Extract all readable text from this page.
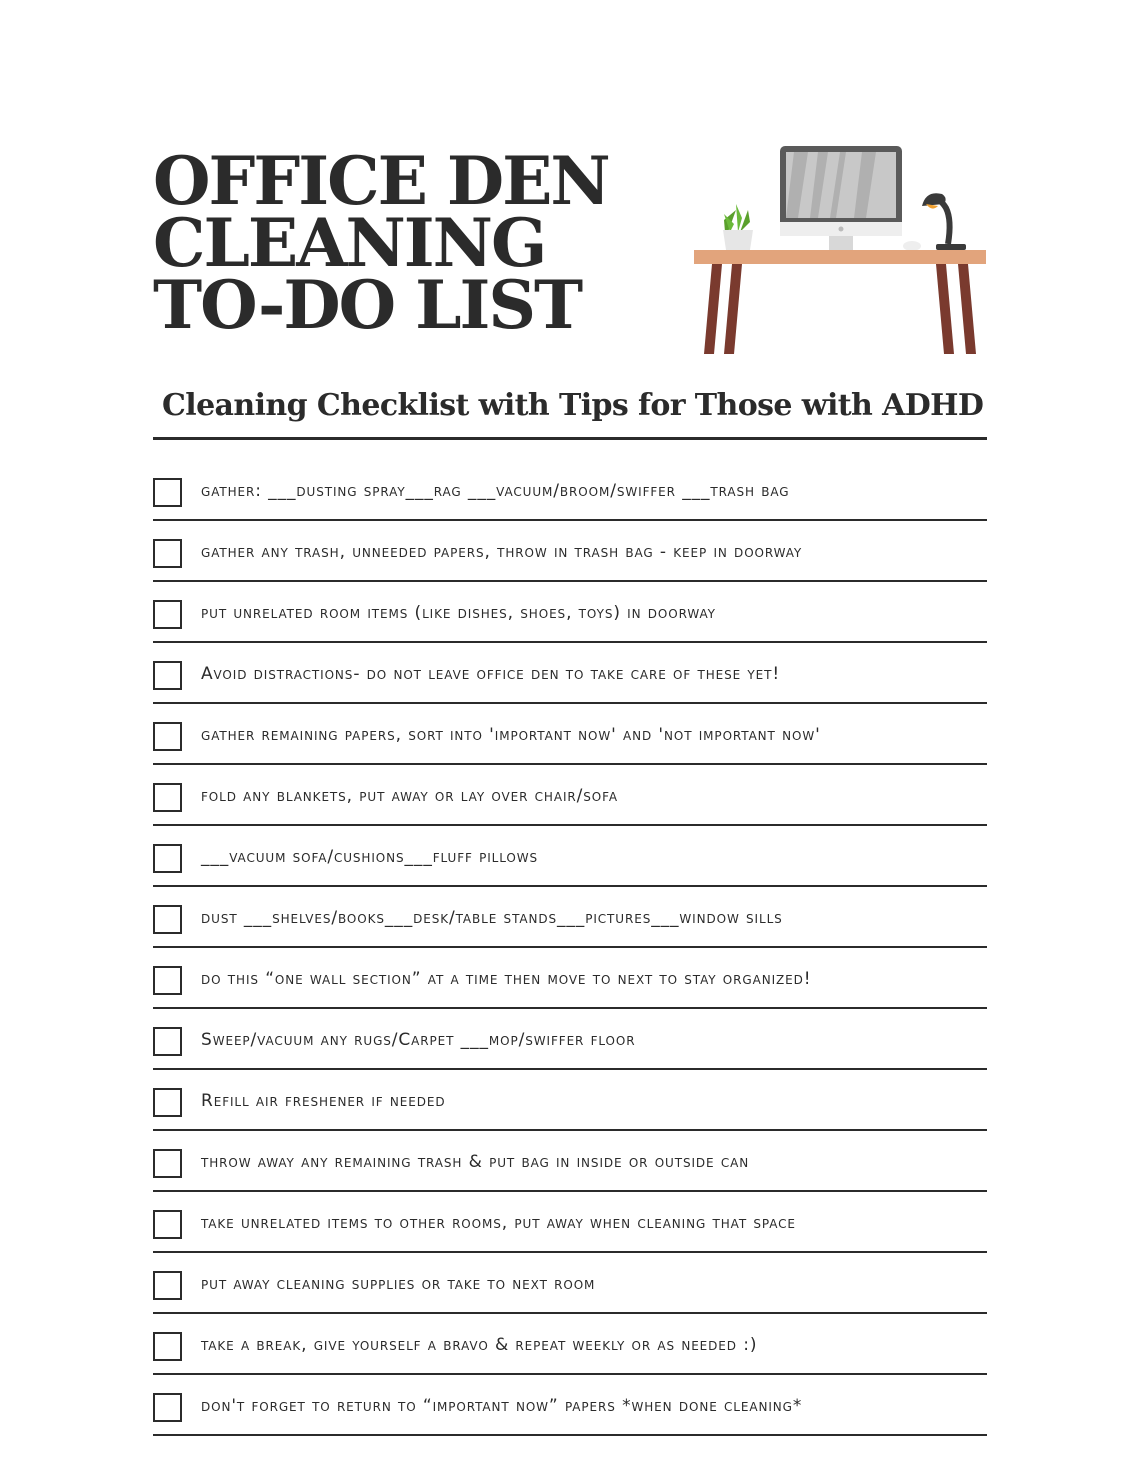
OFFICE DEN
CLEANING
TO-DO LIST
Cleaning Checklist with Tips for Those with ADHD
gather: ___dusting spray___rag ___vacuum/broom/swiffer ___trash bag
gather any trash, unneeded papers, throw in trash bag - keep in doorway
put unrelated room items (like dishes, shoes, toys) in doorway
Avoid distractions- do not leave office den to take care of these yet!
gather remaining papers, sort into 'important now' and 'not important now'
fold any blankets, put away or lay over chair/sofa
___vacuum sofa/cushions___fluff pillows
dust ___shelves/books___desk/table stands___pictures___window sills
do this “one wall section” at a time then move to next to stay organized!
Sweep/vacuum any rugs/Carpet ___mop/swiffer floor
Refill air freshener if needed
throw away any remaining trash & put bag in inside or outside can
take unrelated items to other rooms, put away when cleaning that space
put away cleaning supplies or take to next room
take a break, give yourself a bravo & repeat weekly or as needed :)
don't forget to return to “important now” papers *when done cleaning*
